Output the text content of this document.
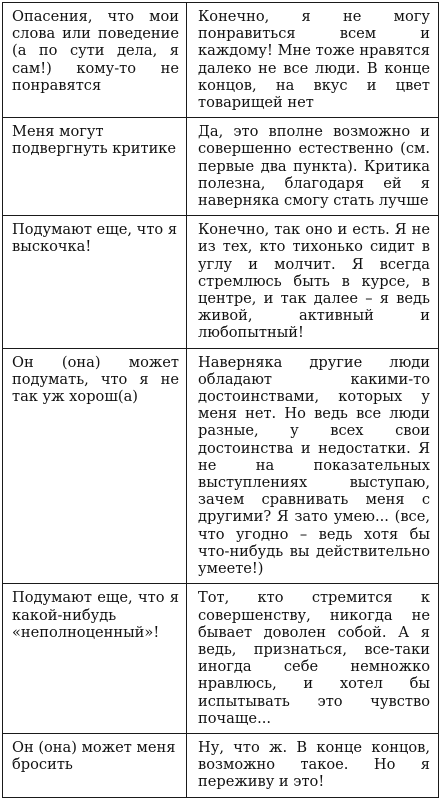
Опасения, что мои слова или поведение (а по сути дела, я сам!) кому-то не понравятся	Конечно, я не могу понравиться всем и каждому! Мне тоже нравятся далеко не все люди. В конце концов, на вкус и цвет товарищей нет

Меня могут подвергнуть критике	Да, это вполне возможно и совершенно естественно (см. первые два пункта). Критика полезна, благодаря ей я наверняка смогу стать лучше

Подумают еще, что я выскочка!	Конечно, так оно и есть. Я не из тех, кто тихонько сидит в углу и молчит. Я всегда стремлюсь быть в курсе, в центре, и так далее – я ведь живой, активный и любопытный!

Он (она) может подумать, что я не так уж хорош(а)	Наверняка другие люди обладают какими-то достоинствами, которых у меня нет. Но ведь все люди разные, у всех свои достоинства и недостатки. Я не на показательных выступлениях выступаю, зачем сравнивать меня с другими? Я зато умею... (все, что угодно – ведь хотя бы что-нибудь вы действительно умеете!)

Подумают еще, что я какой-нибудь «неполноценный»!	Тот, кто стремится к совершенству, никогда не бывает доволен собой. А я ведь, признаться, все-таки иногда себе немножко нравлюсь, и хотел бы испытывать это чувство почаще...

Он (она) может меня бросить	Ну, что ж. В конце концов, возможно такое. Но я переживу и это!
